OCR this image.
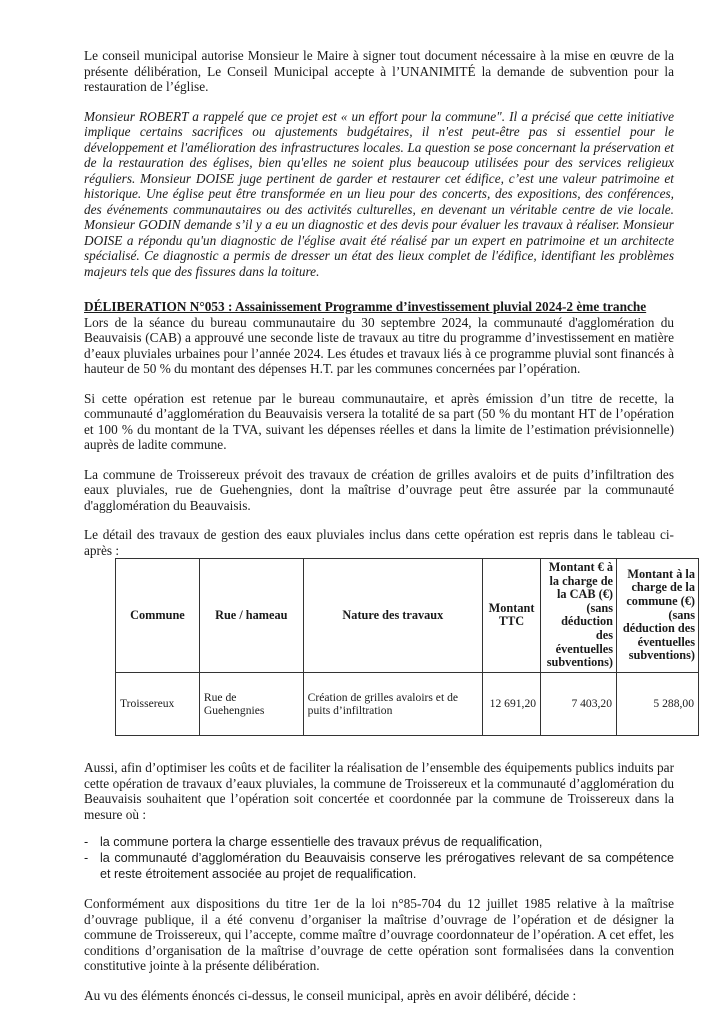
Le conseil municipal autorise Monsieur le Maire à signer tout document nécessaire à la mise en œuvre de la présente délibération, Le Conseil Municipal accepte à l’UNANIMITÉ la demande de subvention pour la restauration de l’église.

Monsieur ROBERT a rappelé que ce projet est « un effort pour la commune". Il a précisé que cette initiative implique certains sacrifices ou ajustements budgétaires, il n'est peut-être pas si essentiel pour le développement et l'amélioration des infrastructures locales. La question se pose concernant la préservation et de la restauration des églises, bien qu'elles ne soient plus beaucoup utilisées pour des services religieux réguliers. Monsieur DOISE juge pertinent de garder et restaurer cet édifice, c’est une valeur patrimoine et historique. Une église peut être transformée en un lieu pour des concerts, des expositions, des conférences, des événements communautaires ou des activités culturelles, en devenant un véritable centre de vie locale. Monsieur GODIN demande s’il y a eu un diagnostic et des devis pour évaluer les travaux à réaliser. Monsieur DOISE a répondu qu'un diagnostic de l'église avait été réalisé par un expert en patrimoine et un architecte spécialisé. Ce diagnostic a permis de dresser un état des lieux complet de l'édifice, identifiant les problèmes majeurs tels que des fissures dans la toiture.

DÉLIBERATION N°053 : Assainissement Programme d’investissement pluvial 2024-2 ème tranche

Lors de la séance du bureau communautaire du 30 septembre 2024, la communauté d'agglomération du Beauvaisis (CAB) a approuvé une seconde liste de travaux au titre du programme d’investissement en matière d’eaux pluviales urbaines pour l’année 2024. Les études et travaux liés à ce programme pluvial sont financés à hauteur de 50 % du montant des dépenses H.T. par les communes concernées par l’opération.

Si cette opération est retenue par le bureau communautaire, et après émission d’un titre de recette, la communauté d’agglomération du Beauvaisis versera la totalité de sa part (50 % du montant HT de l’opération et 100 % du montant de la TVA, suivant les dépenses réelles et dans la limite de l’estimation prévisionnelle) auprès de ladite commune.

La commune de Troissereux prévoit des travaux de création de grilles avaloirs et de puits d’infiltration des eaux pluviales, rue de Guehengnies, dont la maîtrise d’ouvrage peut être assurée par la communauté d'agglomération du Beauvaisis.

Le détail des travaux de gestion des eaux pluviales inclus dans cette opération est repris dans le tableau ci-après :

Commune	Rue / hameau	Nature des travaux	Montant TTC	Montant € à la charge de la CAB (€) (sans déduction des éventuelles subventions)	Montant à la charge de la commune (€) (sans déduction des éventuelles subventions)
Troissereux	Rue de Guehengnies	Création de grilles avaloirs et de puits d’infiltration	12 691,20	7 403,20	5 288,00

Aussi, afin d’optimiser les coûts et de faciliter la réalisation de l’ensemble des équipements publics induits par cette opération de travaux d’eaux pluviales, la commune de Troissereux et la communauté d’agglomération du Beauvaisis souhaitent que l’opération soit concertée et coordonnée par la commune de Troissereux dans la mesure où :

- la commune portera la charge essentielle des travaux prévus de requalification,
- la communauté d’agglomération du Beauvaisis conserve les prérogatives relevant de sa compétence et reste étroitement associée au projet de requalification.

Conformément aux dispositions du titre 1er de la loi n°85-704 du 12 juillet 1985 relative à la maîtrise d’ouvrage publique, il a été convenu d’organiser la maîtrise d’ouvrage de l’opération et de désigner la commune de Troissereux, qui l’accepte, comme maître d’ouvrage coordonnateur de l’opération. A cet effet, les conditions d’organisation de la maîtrise d’ouvrage de cette opération sont formalisées dans la convention constitutive jointe à la présente délibération.

Au vu des éléments énoncés ci-dessus, le conseil municipal, après en avoir délibéré, décide :
